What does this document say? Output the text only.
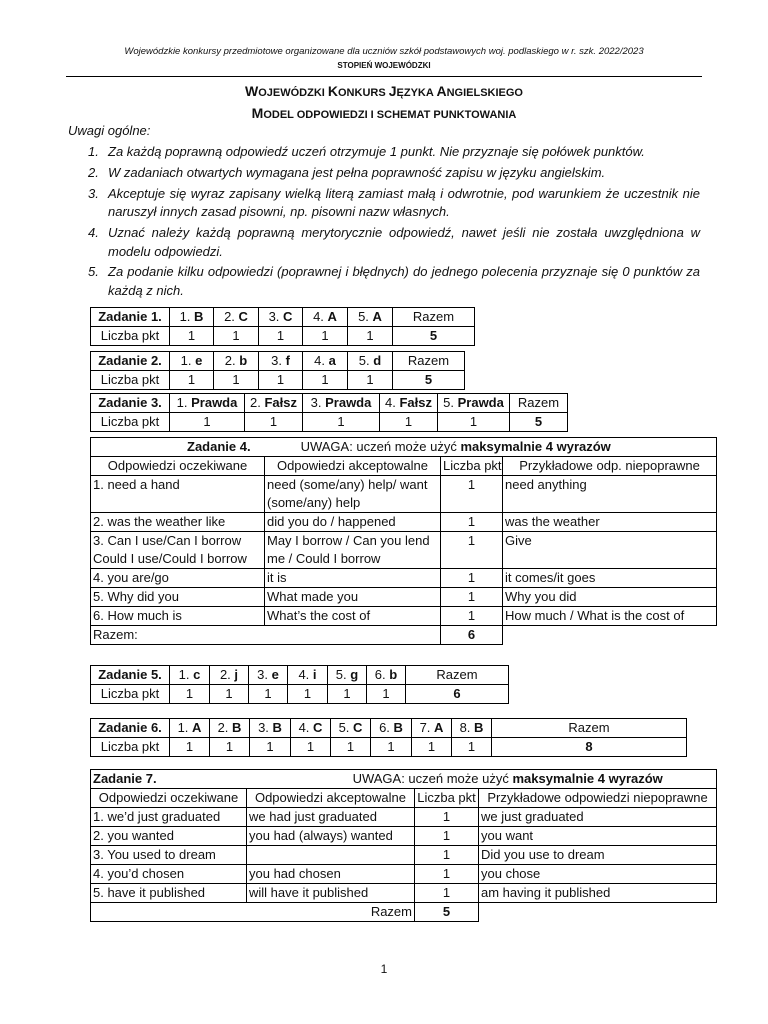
Wojewódzkie konkursy przedmiotowe organizowane dla uczniów szkół podstawowych woj. podlaskiego w r. szk. 2022/2023
STOPIEŃ WOJEWÓDZKI
WOJEWÓDZKI KONKURS JĘZYKA ANGIELSKIEGO
MODEL ODPOWIEDZI I SCHEMAT PUNKTOWANIA
Uwagi ogólne:
1. Za każdą poprawną odpowiedź uczeń otrzymuje 1 punkt. Nie przyznaje się połówek punktów.
2. W zadaniach otwartych wymagana jest pełna poprawność zapisu w języku angielskim.
3. Akceptuje się wyraz zapisany wielką literą zamiast małą i odwrotnie, pod warunkiem że uczestnik nie naruszył innych zasad pisowni, np. pisowni nazw własnych.
4. Uznać należy każdą poprawną merytorycznie odpowiedź, nawet jeśli nie została uwzględniona w modelu odpowiedzi.
5. Za podanie kilku odpowiedzi (poprawnej i błędnych) do jednego polecenia przyznaje się 0 punktów za każdą z nich.
Zadanie 1.	1. B	2. C	3. C	4. A	5. A	Razem
Liczba pkt	1	1	1	1	1	5
Zadanie 2.	1. e	2. b	3. f	4. a	5. d	Razem
Liczba pkt	1	1	1	1	1	5
Zadanie 3.	1. Prawda	2. Fałsz	3. Prawda	4. Fałsz	5. Prawda	Razem
Liczba pkt	1	1	1	1	1	5
Zadanie 4. UWAGA: uczeń może użyć maksymalnie 4 wyrazów			
Odpowiedzi oczekiwane	Odpowiedzi akceptowalne	Liczba pkt	Przykładowe odp. niepoprawne
1. need a hand	need (some/any) help/ want (some/any) help	1	need anything
2. was the weather like	did you do / happened	1	was the weather
3. Can I use/Can I borrow Could I use/Could I borrow	May I borrow / Can you lend me / Could I borrow	1	Give
4. you are/go	it is	1	it comes/it goes
5. Why did you	What made you	1	Why you did
6. How much is	What’s the cost of	1	How much / What is the cost of
Razem:		6	
Zadanie 5.	1. c	2. j	3. e	4. i	5. g	6. b	Razem
Liczba pkt	1	1	1	1	1	1	6
Zadanie 6.	1. A	2. B	3. B	4. C	5. C	6. B	7. A	8. B	Razem
Liczba pkt	1	1	1	1	1	1	1	1	8
Zadanie 7. UWAGA: uczeń może użyć maksymalnie 4 wyrazów			
Odpowiedzi oczekiwane	Odpowiedzi akceptowalne	Liczba pkt	Przykładowe odpowiedzi niepoprawne
1. we’d just graduated	we had just graduated	1	we just graduated
2. you wanted	you had (always) wanted	1	you want
3. You used to dream		1	Did you use to dream
4. you’d chosen	you had chosen	1	you chose
5. have it published	will have it published	1	am having it published
Razem		5	
1
